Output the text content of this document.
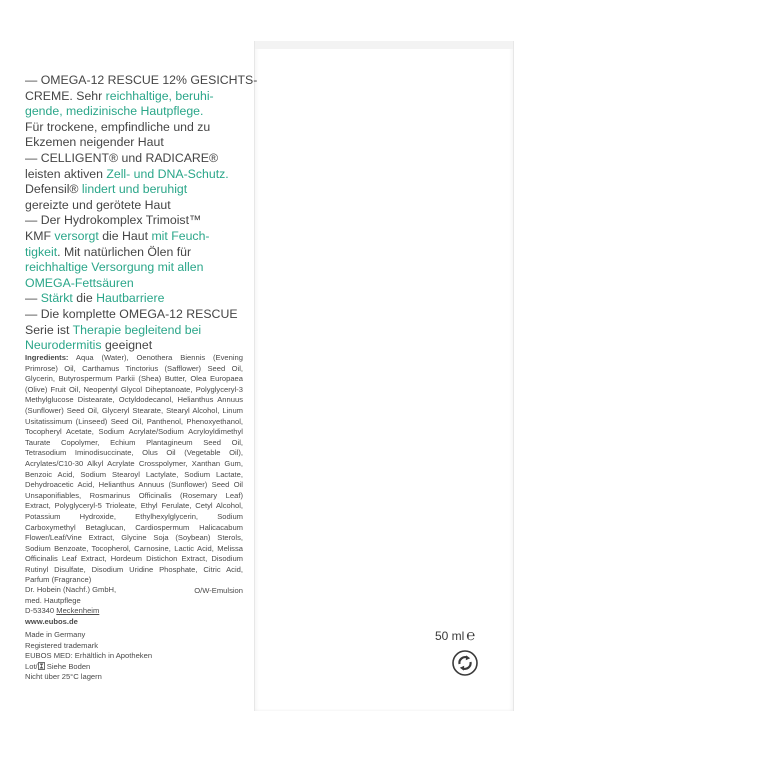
— OMEGA-12 RESCUE 12% GESICHTS-
CREME. Sehr reichhaltige, beruhi-
gende, medizinische Hautpflege.
Für trockene, empfindliche und zu
Ekzemen neigender Haut
— CELLIGENT® und RADICARE®
leisten aktiven Zell- und DNA-Schutz.
Defensil® lindert und beruhigt
gereizte und gerötete Haut
— Der Hydrokomplex Trimoist™
KMF versorgt die Haut mit Feuch-
tigkeit. Mit natürlichen Ölen für
reichhaltige Versorgung mit allen
OMEGA-Fettsäuren
— Stärkt die Hautbarriere
— Die komplette OMEGA-12 RESCUE
Serie ist Therapie begleitend bei
Neurodermitis geeignet
Ingredients: Aqua (Water), Oenothera Biennis (Evening Primrose) Oil, Carthamus Tinctorius (Safflower) Seed Oil, Glycerin, Butyrospermum Parkii (Shea) Butter, Olea Europaea (Olive) Fruit Oil, Neopentyl Glycol Diheptanoate, Polyglyceryl-3 Methylglucose Distearate, Octyldodecanol, Helianthus Annuus (Sunflower) Seed Oil, Glyceryl Stearate, Stearyl Alcohol, Linum Usitatissimum (Linseed) Seed Oil, Panthenol, Phenoxyethanol, Tocopheryl Acetate, Sodium Acrylate/Sodium Acryloyldimethyl Taurate Copolymer, Echium Plantagineum Seed Oil, Tetrasodium Iminodisuccinate, Olus Oil (Vegetable Oil), Acrylates/C10-30 Alkyl Acrylate Crosspolymer, Xanthan Gum, Benzoic Acid, Sodium Stearoyl Lactylate, Sodium Lactate, Dehydroacetic Acid, Helianthus Annuus (Sunflower) Seed Oil Unsaponifiables, Rosmarinus Officinalis (Rosemary Leaf) Extract, Polyglyceryl-5 Trioleate, Ethyl Ferulate, Cetyl Alcohol, Potassium Hydroxide, Ethylhexylglycerin, Sodium Carboxymethyl Betaglucan, Cardiospermum Halicacabum Flower/Leaf/Vine Extract, Glycine Soja (Soybean) Sterols, Sodium Benzoate, Tocopherol, Carnosine, Lactic Acid, Melissa Officinalis Leaf Extract, Hordeum Distichon Extract, Disodium Rutinyl Disulfate, Disodium Uridine Phosphate, Citric Acid, Parfum (Fragrance)
O/W-Emulsion
Dr. Hobein (Nachf.) GmbH,
med. Hautpflege
D-53340 Meckenheim
www.eubos.de
Made in Germany
Registered trademark
EUBOS MED: Erhältlich in Apotheken
Lot/ Siehe Boden
Nicht über 25°C lagern
50 ml ℮
